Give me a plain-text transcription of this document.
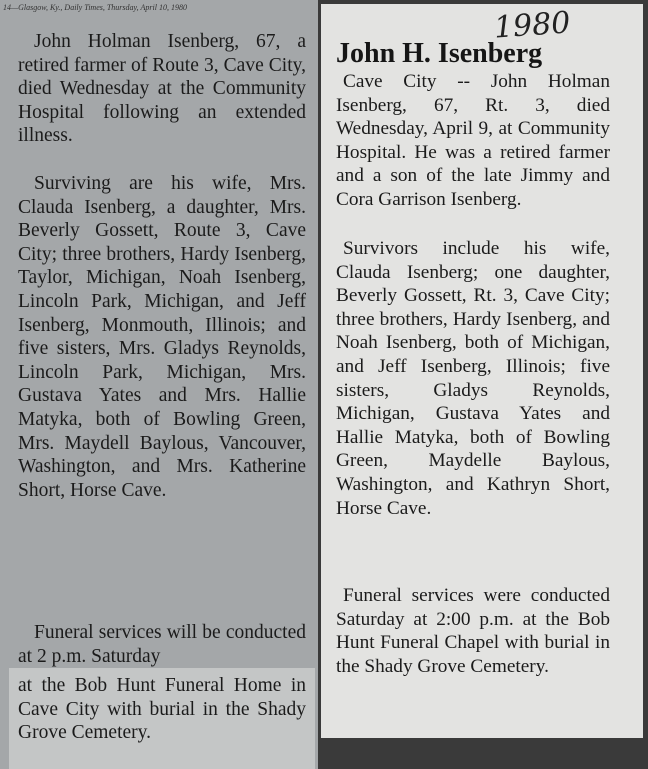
14—Glasgow, Ky., Daily Times, Thursday, April 10, 1980

John Holman Isenberg, 67, a retired farmer of Route 3, Cave City, died Wednesday at the Community Hospital following an extended illness.

Surviving are his wife, Mrs. Clauda Isenberg, a daughter, Mrs. Beverly Gossett, Route 3, Cave City; three brothers, Hardy Isenberg, Taylor, Michigan, Noah Isenberg, Lincoln Park, Michigan, and Jeff Isenberg, Monmouth, Illinois; and five sisters, Mrs. Gladys Reynolds, Lincoln Park, Michigan, Mrs. Gustava Yates and Mrs. Hallie Matyka, both of Bowling Green, Mrs. Maydell Baylous, Vancouver, Washington, and Mrs. Katherine Short, Horse Cave.

Funeral services will be conducted at 2 p.m. Saturday

at the Bob Hunt Funeral Home in Cave City with burial in the Shady Grove Cemetery.

1980
John H. Isenberg

Cave City -- John Holman Isenberg, 67, Rt. 3, died Wednesday, April 9, at Community Hospital. He was a retired farmer and a son of the late Jimmy and Cora Garrison Isenberg.

Survivors include his wife, Clauda Isenberg; one daughter, Beverly Gossett, Rt. 3, Cave City; three brothers, Hardy Isenberg, and Noah Isenberg, both of Michigan, and Jeff Isenberg, Illinois; five sisters, Gladys Reynolds, Michigan, Gustava Yates and Hallie Matyka, both of Bowling Green, Maydelle Baylous, Washington, and Kathryn Short, Horse Cave.

Funeral services were conducted Saturday at 2:00 p.m. at the Bob Hunt Funeral Chapel with burial in the Shady Grove Cemetery.
